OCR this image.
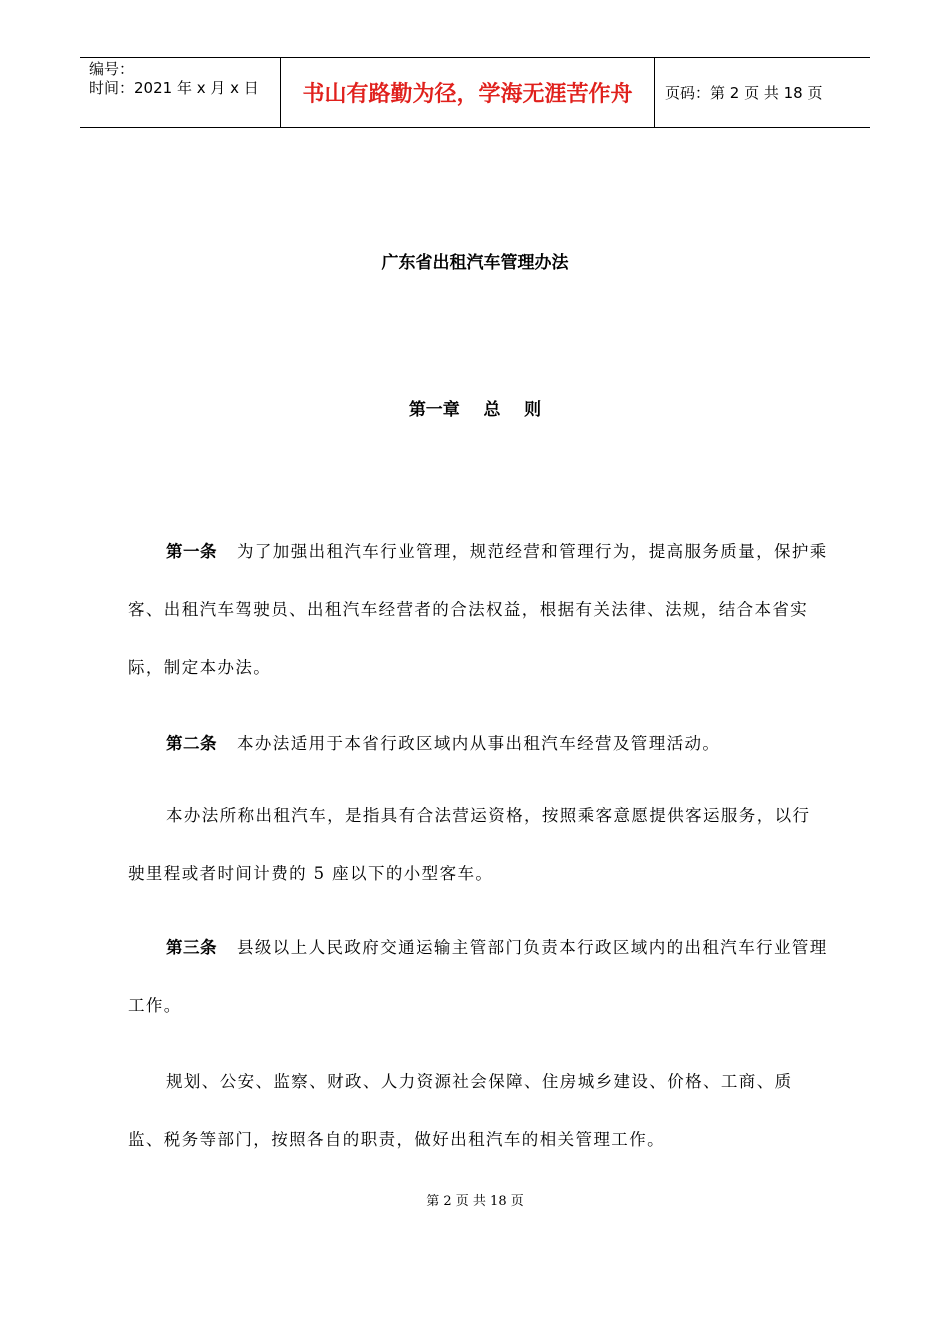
编号：
时间：2021 年 x 月 x 日	书山有路勤为径，学海无涯苦作舟 页码：第 2 页 共 18 页
广东省出租汽车管理办法
第一章    总    则
第一条 为了加强出租汽车行业管理，规范经营和管理行为，提高服务质量，保护乘客、出租汽车驾驶员、出租汽车经营者的合法权益，根据有关法律、法规，结合本省实际，制定本办法。
第二条 本办法适用于本省行政区域内从事出租汽车经营及管理活动。
本办法所称出租汽车，是指具有合法营运资格，按照乘客意愿提供客运服务，以行驶里程或者时间计费的 5 座以下的小型客车。
第三条 县级以上人民政府交通运输主管部门负责本行政区域内的出租汽车行业管理工作。
规划、公安、监察、财政、人力资源社会保障、住房城乡建设、价格、工商、质监、税务等部门，按照各自的职责，做好出租汽车的相关管理工作。
第 2 页 共 18 页
